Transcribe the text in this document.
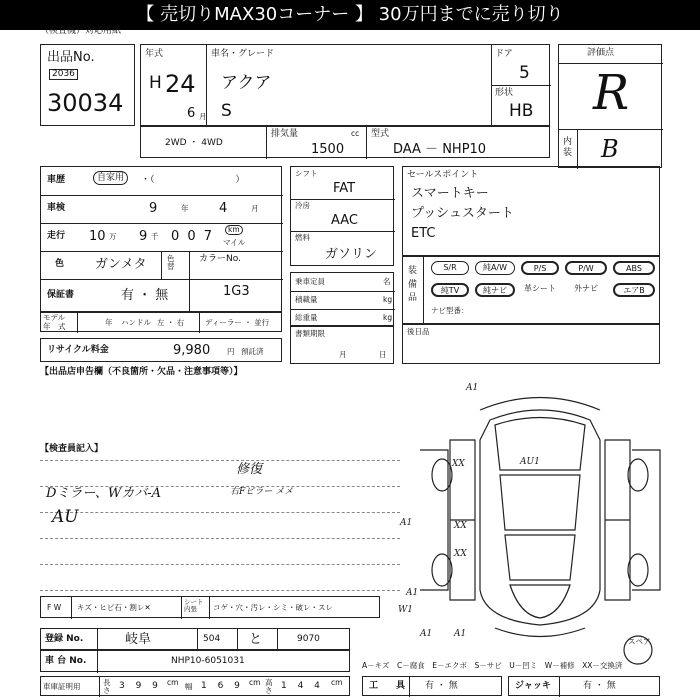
【 売切りMAX30コーナー 】 30万円までに売り切り
（検査機）対応用紙
出品No.
2036
30034
年式
H 24
6 月
車名・グレード
アクア
S
ドア
5
形状
HB
評価点
R
内装 B
2WD ・ 4WD
排気量	cc
1500
型式
DAA － NHP10
車歴	自家用	・（　　　　　　　　　）
車検	9	年 4	月
走行 10 万 9 千 0 0 7	km
マイル
色 ガンメタ	色替
カラーNo.
保証書	有 ・ 無	1G3
モデル
年　式	年 ハンドル 左 ・ 右	ディーラー ・ 並行
リサイクル料金	9,980 円 預託済
シフト
FAT
冷房
AAC
燃料
ガソリン
乗車定員	名
積載量	kg
総重量	kg
書類期限
月	日
セールスポイント
スマートキー
プッシュスタート
ETC
装備品
S/R	純A/W	P/S	P/W	ABS
純TV	純ナビ	革シート	外ナビ	エアB
ナビ型番：
後日品
【出品店申告欄（不良箇所・欠品・注意事項等）】
【検査員記入】
Dミラー、Wカバ-A
AU
修復
右Fピラー メメ
A1
AU1
XX
XX
A1
A1
W1
A1 A1
XX
スペア
F W キズ・ヒビ石・割レ✕
シート 内張	コゲ・穴・汚レ・シミ・破レ・スレ
登録 No.	岐阜	504 と	9070
車 台 No.	NHP10-6051031
車庫証明用	長さ 3 9 9 cm 幅 1 6 9 cm 高さ 1 4 4 cm
A－キズ　C－腐食　E－エクボ　S－サビ　U－凹ミ　W－補修　XX－交換済
工　　具 有 ・ 無	ジャッキ	有 ・ 無
